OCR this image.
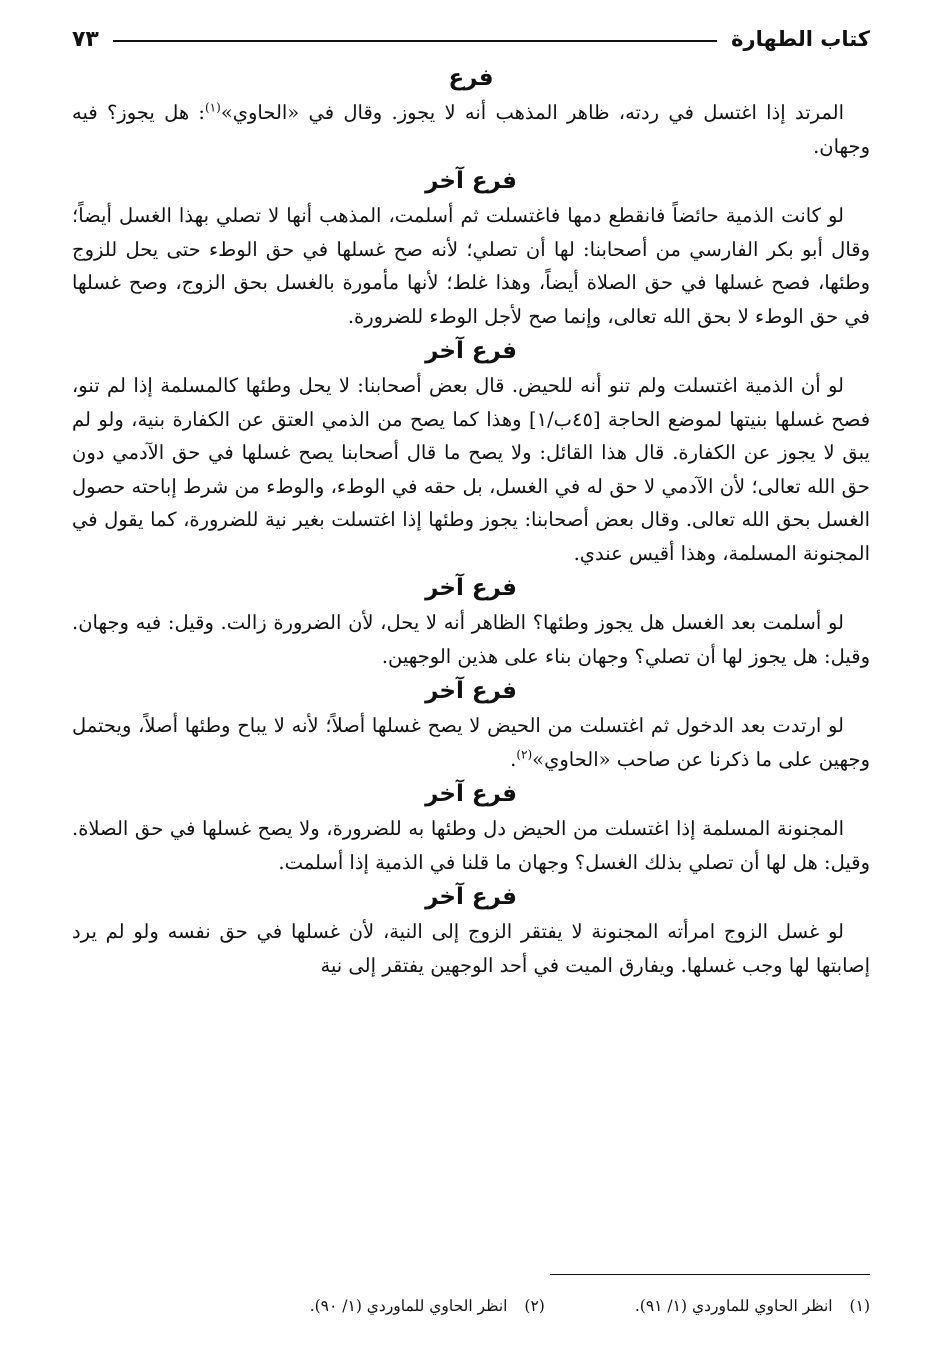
كتاب الطهارة
٧٣
فرع

المرتد إذا اغتسل في ردته، ظاهر المذهب أنه لا يجوز. وقال في «الحاوي»$^{(١)}$: هل يجوز؟ فيه وجهان.

فرع آخر

لو كانت الذمية حائضاً فانقطع دمها فاغتسلت ثم أسلمت، المذهب أنها لا تصلي بهذا الغسل أيضاً؛ وقال أبو بكر الفارسي من أصحابنا: لها أن تصلي؛ لأنه صح غسلها في حق الوطء حتى يحل للزوج وطئها، فصح غسلها في حق الصلاة أيضاً، وهذا غلط؛ لأنها مأمورة بالغسل بحق الزوج، وصح غسلها في حق الوطء لا بحق الله تعالى، وإنما صح لأجل الوطء للضرورة.

فرع آخر

لو أن الذمية اغتسلت ولم تنو أنه للحيض. قال بعض أصحابنا: لا يحل وطئها كالمسلمة إذا لم تنو، فصح غسلها بنيتها لموضع الحاجة [٤٥ب/١] وهذا كما يصح من الذمي العتق عن الكفارة بنية، ولو لم يبق لا يجوز عن الكفارة. قال هذا القائل: ولا يصح ما قال أصحابنا يصح غسلها في حق الآدمي دون حق الله تعالى؛ لأن الآدمي لا حق له في الغسل، بل حقه في الوطء، والوطء من شرط إباحته حصول الغسل بحق الله تعالى. وقال بعض أصحابنا: يجوز وطئها إذا اغتسلت بغير نية للضرورة، كما يقول في المجنونة المسلمة، وهذا أقيس عندي.

فرع آخر

لو أسلمت بعد الغسل هل يجوز وطئها؟ الظاهر أنه لا يحل، لأن الضرورة زالت. وقيل: فيه وجهان. وقيل: هل يجوز لها أن تصلي؟ وجهان بناء على هذين الوجهين.

فرع آخر

لو ارتدت بعد الدخول ثم اغتسلت من الحيض لا يصح غسلها أصلاً؛ لأنه لا يباح وطئها أصلاً، ويحتمل وجهين على ما ذكرنا عن صاحب «الحاوي»$^{(٢)}$.

فرع آخر

المجنونة المسلمة إذا اغتسلت من الحيض دل وطئها به للضرورة، ولا يصح غسلها في حق الصلاة. وقيل: هل لها أن تصلي بذلك الغسل؟ وجهان ما قلنا في الذمية إذا أسلمت.

فرع آخر

لو غسل الزوج امرأته المجنونة لا يفتقر الزوج إلى النية، لأن غسلها في حق نفسه ولو لم يرد إصابتها لها وجب غسلها. ويفارق الميت في أحد الوجهين يفتقر إلى نية

(١) انظر الحاوي للماوردي (١/ ٩١).
(٢) انظر الحاوي للماوردي (١/ ٩٠).
